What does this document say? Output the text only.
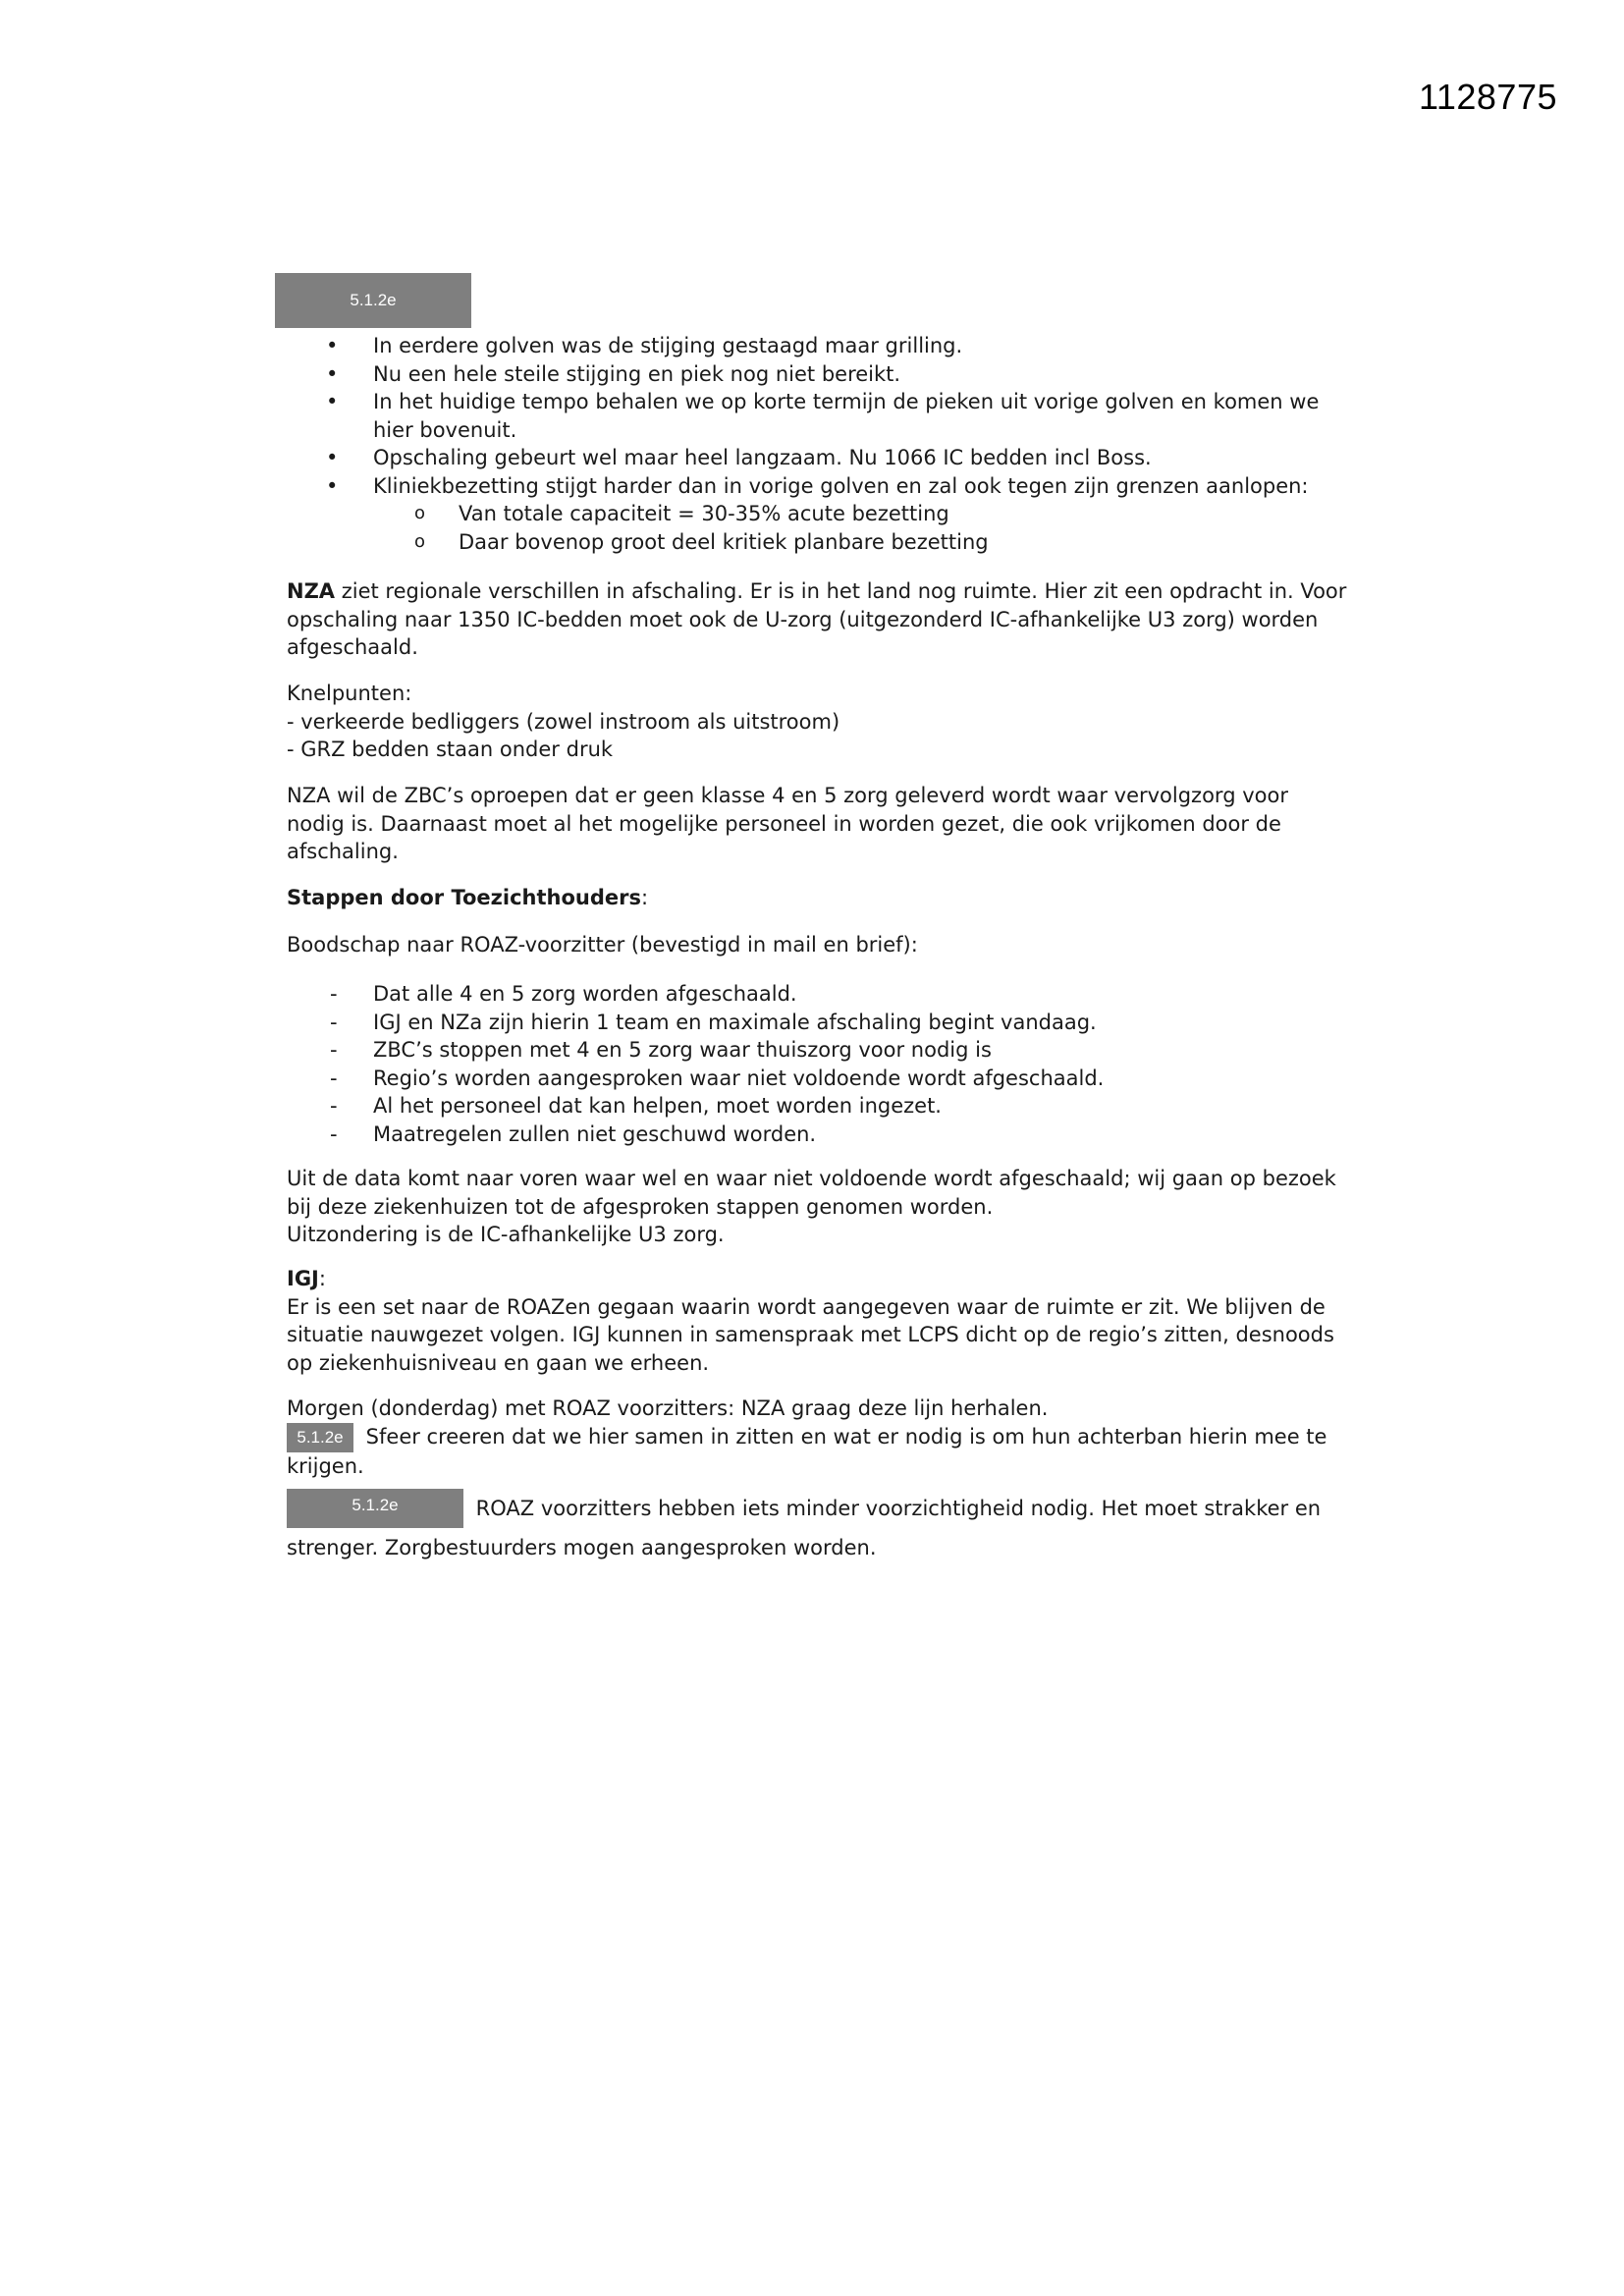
1128775
5.1.2e
• In eerdere golven was de stijging gestaagd maar grilling.
• Nu een hele steile stijging en piek nog niet bereikt.
• In het huidige tempo behalen we op korte termijn de pieken uit vorige golven en komen we hier bovenuit.
• Opschaling gebeurt wel maar heel langzaam. Nu 1066 IC bedden incl Boss.
• Kliniekbezetting stijgt harder dan in vorige golven en zal ook tegen zijn grenzen aanlopen:
o Van totale capaciteit = 30-35% acute bezetting
o Daar bovenop groot deel kritiek planbare bezetting

NZA ziet regionale verschillen in afschaling. Er is in het land nog ruimte. Hier zit een opdracht in. Voor opschaling naar 1350 IC-bedden moet ook de U-zorg (uitgezonderd IC-afhankelijke U3 zorg) worden afgeschaald.

Knelpunten:
- verkeerde bedliggers (zowel instroom als uitstroom)
- GRZ bedden staan onder druk

NZA wil de ZBC’s oproepen dat er geen klasse 4 en 5 zorg geleverd wordt waar vervolgzorg voor nodig is. Daarnaast moet al het mogelijke personeel in worden gezet, die ook vrijkomen door de afschaling.

Stappen door Toezichthouders:

Boodschap naar ROAZ-voorzitter (bevestigd in mail en brief):

- Dat alle 4 en 5 zorg worden afgeschaald.
- IGJ en NZa zijn hierin 1 team en maximale afschaling begint vandaag.
- ZBC’s stoppen met 4 en 5 zorg waar thuiszorg voor nodig is
- Regio’s worden aangesproken waar niet voldoende wordt afgeschaald.
- Al het personeel dat kan helpen, moet worden ingezet.
- Maatregelen zullen niet geschuwd worden.

Uit de data komt naar voren waar wel en waar niet voldoende wordt afgeschaald; wij gaan op bezoek bij deze ziekenhuizen tot de afgesproken stappen genomen worden.
Uitzondering is de IC-afhankelijke U3 zorg.

IGJ:
Er is een set naar de ROAZen gegaan waarin wordt aangegeven waar de ruimte er zit. We blijven de situatie nauwgezet volgen. IGJ kunnen in samenspraak met LCPS dicht op de regio’s zitten, desnoods op ziekenhuisniveau en gaan we erheen.

Morgen (donderdag) met ROAZ voorzitters: NZA graag deze lijn herhalen.
5.1.2e Sfeer creeren dat we hier samen in zitten en wat er nodig is om hun achterban hierin mee te krijgen.

5.1.2e	ROAZ voorzitters hebben iets minder voorzichtigheid nodig. Het moet strakker en strenger. Zorgbestuurders mogen aangesproken worden.
